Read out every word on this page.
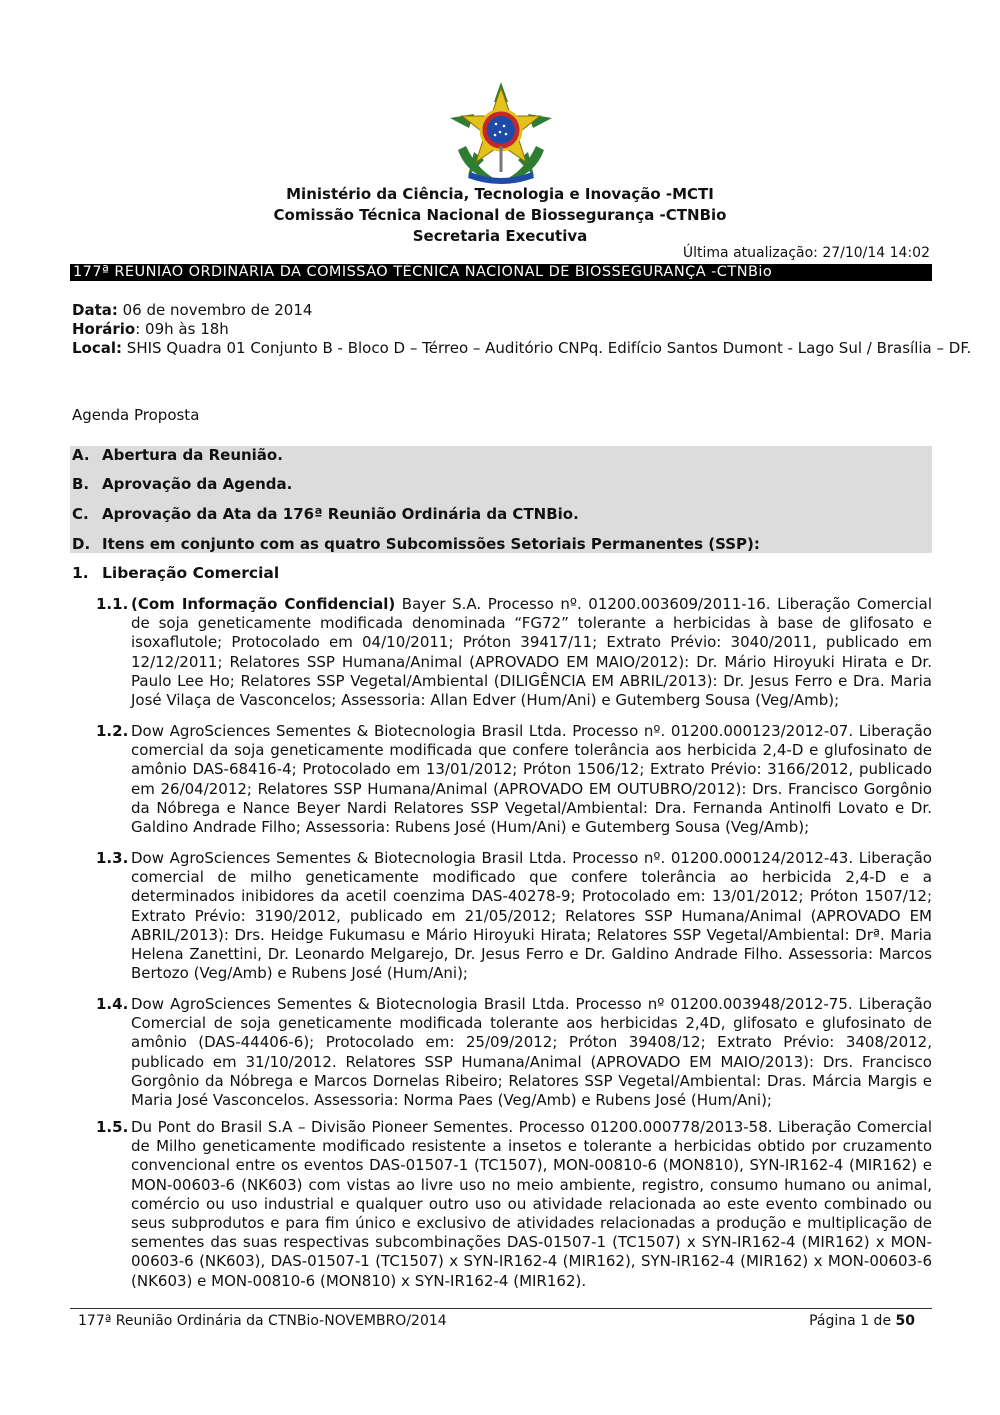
Ministério da Ciência, Tecnologia e Inovação -MCTI
Comissão Técnica Nacional de Biossegurança -CTNBio
Secretaria Executiva
Última atualização: 27/10/14 14:02
177ª REUNIÃO ORDINÁRIA DA COMISSÃO TÉCNICA NACIONAL DE BIOSSEGURANÇA -CTNBio
Data: 06 de novembro de 2014
Horário: 09h às 18h
Local: SHIS Quadra 01 Conjunto B - Bloco D – Térreo – Auditório CNPq. Edifício Santos Dumont - Lago Sul / Brasília – DF.
Agenda Proposta
A. Abertura da Reunião.
B. Aprovação da Agenda.
C. Aprovação da Ata da 176ª Reunião Ordinária da CTNBio.
D. Itens em conjunto com as quatro Subcomissões Setoriais Permanentes (SSP):
1. Liberação Comercial
1.1. (Com Informação Confidencial) Bayer S.A. Processo nº. 01200.003609/2011-16. Liberação Comercial de soja geneticamente modificada denominada “FG72” tolerante a herbicidas à base de glifosato e isoxaflutole; Protocolado em 04/10/2011; Próton 39417/11; Extrato Prévio: 3040/2011, publicado em 12/12/2011; Relatores SSP Humana/Animal (APROVADO EM MAIO/2012): Dr. Mário Hiroyuki Hirata e Dr. Paulo Lee Ho; Relatores SSP Vegetal/Ambiental (DILIGÊNCIA EM ABRIL/2013): Dr. Jesus Ferro e Dra. Maria José Vilaça de Vasconcelos; Assessoria: Allan Edver (Hum/Ani) e Gutemberg Sousa (Veg/Amb);
1.2. Dow AgroSciences Sementes & Biotecnologia Brasil Ltda. Processo nº. 01200.000123/2012-07. Liberação comercial da soja geneticamente modificada que confere tolerância aos herbicida 2,4-D e glufosinato de amônio DAS-68416-4; Protocolado em 13/01/2012; Próton 1506/12; Extrato Prévio: 3166/2012, publicado em 26/04/2012; Relatores SSP Humana/Animal (APROVADO EM OUTUBRO/2012): Drs. Francisco Gorgônio da Nóbrega e Nance Beyer Nardi Relatores SSP Vegetal/Ambiental: Dra. Fernanda Antinolfi Lovato e Dr. Galdino Andrade Filho; Assessoria: Rubens José (Hum/Ani) e Gutemberg Sousa (Veg/Amb);
1.3. Dow AgroSciences Sementes & Biotecnologia Brasil Ltda. Processo nº. 01200.000124/2012-43. Liberação comercial de milho geneticamente modificado que confere tolerância ao herbicida 2,4-D e a determinados inibidores da acetil coenzima DAS-40278-9; Protocolado em: 13/01/2012; Próton 1507/12; Extrato Prévio: 3190/2012, publicado em 21/05/2012; Relatores SSP Humana/Animal (APROVADO EM ABRIL/2013): Drs. Heidge Fukumasu e Mário Hiroyuki Hirata; Relatores SSP Vegetal/Ambiental: Drª. Maria Helena Zanettini, Dr. Leonardo Melgarejo, Dr. Jesus Ferro e Dr. Galdino Andrade Filho. Assessoria: Marcos Bertozo (Veg/Amb) e Rubens José (Hum/Ani);
1.4. Dow AgroSciences Sementes & Biotecnologia Brasil Ltda. Processo nº 01200.003948/2012-75. Liberação Comercial de soja geneticamente modificada tolerante aos herbicidas 2,4D, glifosato e glufosinato de amônio (DAS-44406-6); Protocolado em: 25/09/2012; Próton 39408/12; Extrato Prévio: 3408/2012, publicado em 31/10/2012. Relatores SSP Humana/Animal (APROVADO EM MAIO/2013): Drs. Francisco Gorgônio da Nóbrega e Marcos Dornelas Ribeiro; Relatores SSP Vegetal/Ambiental: Dras. Márcia Margis e Maria José Vasconcelos. Assessoria: Norma Paes (Veg/Amb) e Rubens José (Hum/Ani);
1.5. Du Pont do Brasil S.A – Divisão Pioneer Sementes. Processo 01200.000778/2013-58. Liberação Comercial de Milho geneticamente modificado resistente a insetos e tolerante a herbicidas obtido por cruzamento convencional entre os eventos DAS-01507-1 (TC1507), MON-00810-6 (MON810), SYN-IR162-4 (MIR162) e MON-00603-6 (NK603) com vistas ao livre uso no meio ambiente, registro, consumo humano ou animal, comércio ou uso industrial e qualquer outro uso ou atividade relacionada ao este evento combinado ou seus subprodutos e para fim único e exclusivo de atividades relacionadas a produção e multiplicação de sementes das suas respectivas subcombinações DAS-01507-1 (TC1507) x SYN-IR162-4 (MIR162) x MON-00603-6 (NK603), DAS-01507-1 (TC1507) x SYN-IR162-4 (MIR162), SYN-IR162-4 (MIR162) x MON-00603-6 (NK603) e MON-00810-6 (MON810) x SYN-IR162-4 (MIR162).
177ª Reunião Ordinária da CTNBio-NOVEMBRO/2014	Página 1 de 50
